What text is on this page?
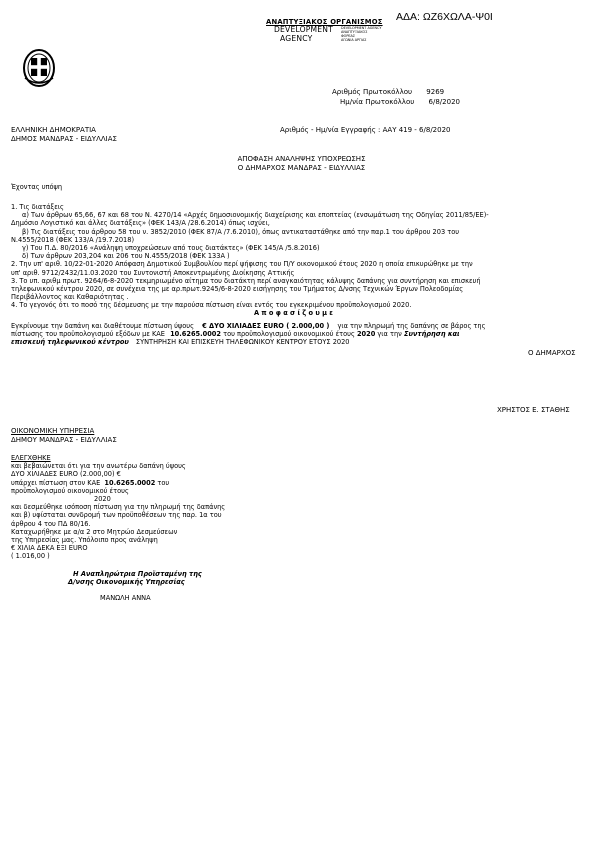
ΑΔΑ: ΩΖ6ΧΩΛΑ-Ψ0Ι
ΑΝΑΠΤΥΞΙΑΚΟΣ ΟΡΓΑΝΙΣΜΟΣ
DEVELOPMENT
AGENCY
DEVELOPMENT AGENCY
ΑΝΑΠΤΥΞΙΑΚΟΣ
ΦΟΡΕΑΣ
ΑΓΩΝΙΑ ΑΡΓΙΑΣ
Αριθμός Πρωτοκόλλου 9269
Ημ/νία Πρωτοκόλλου 6/8/2020
ΕΛΛΗΝΙΚΗ ΔΗΜΟΚΡΑΤΙΑ
ΔΗΜΟΣ ΜΑΝΔΡΑΣ - ΕΙΔΥΛΛΙΑΣ
Αριθμός - Ημ/νία Εγγραφής : ΑΑΥ 419 - 6/8/2020
ΑΠΟΦΑΣΗ ΑΝΑΛΗΨΗΣ ΥΠΟΧΡΕΩΣΗΣ
Ο ΔΗΜΑΡΧΟΣ ΜΑΝΔΡΑΣ - ΕΙΔΥΛΛΙΑΣ
Έχοντας υπόψη

1. Τις διατάξεις

α) Των άρθρων 65,66, 67 και 68 του Ν. 4270/14 «Αρχές δημοσιονομικής διαχείρισης και εποπτείας (ενσωμάτωση της Οδηγίας 2011/85/ΕΕ)-

Δημόσιο Λογιστικό και άλλες διατάξεις» (ΦΕΚ 143/Α /28.6.2014) όπως ισχύει,

β) Τις διατάξεις του άρθρου 58 του ν. 3852/2010 (ΦΕΚ 87/Α /7.6.2010), όπως αντικαταστάθηκε από την παρ.1 του άρθρου 203 του

Ν.4555/2018 (ΦΕΚ 133/Α /19.7.2018)

γ) Του Π.Δ. 80/2016 «Ανάληψη υποχρεώσεων από τους διατάκτες» (ΦΕΚ 145/Α /5.8.2016)

δ) Των άρθρων 203,204 και 206 του Ν.4555/2018 (ΦΕΚ 133Α )

2. Την υπ' αριθ. 10/22-01-2020 Απόφαση Δημοτικού Συμβουλίου περί ψήφισης του Π/Υ οικονομικού έτους 2020 η οποία επικυρώθηκε με την

υπ' αριθ. 9712/2432/11.03.2020 του Συντονιστή Αποκεντρωμένης Διοίκησης Αττικής

3. Το υπ. αριθμ πρωτ. 9264/6-8-2020 τεκμηριωμένο αίτημα του διατάκτη περί αναγκαιότητας κάλυψης δαπάνης για συντήρηση και επισκευή

τηλεφωνικού κέντρου 2020, σε συνέχεια της με αρ.πρωτ.9245/6-8-2020 εισήγησης του Τμήματος Δ/νσης Τεχνικών Έργων Πολεοδομίας

Περιβάλλοντος και Καθαριότητας .

4. Το γεγονός ότι το ποσό της δέσμευσης με την παρούσα πίστωση είναι εντός του εγκεκριμένου προϋπολογισμού 2020.

Α π ο φ α σ ί ζ ο υ μ ε

Εγκρίνουμε την δαπάνη και διαθέτουμε πίστωση ύψους € ΔΥΟ ΧΙΛΙΑΔΕΣ EURO ( 2.000,00 ) για την πληρωμή της δαπάνης σε βάρος της

πίστωσης του προϋπολογισμού εξόδων με ΚΑΕ 10.6265.0002 του προϋπολογισμού οικονομικού έτους 2020 για την Συντήρηση και

επισκευή τηλεφωνικού κέντρου ΣΥΝΤΗΡΗΣΗ ΚΑΙ ΕΠΙΣΚΕΥΗ ΤΗΛΕΦΩΝΙΚΟΥ ΚΕΝΤΡΟΥ ΕΤΟΥΣ 2020

Ο ΔΗΜΑΡΧΟΣ
ΧΡΗΣΤΟΣ Ε. ΣΤΑΘΗΣ

ΟΙΚΟΝΟΜΙΚΗ ΥΠΗΡΕΣΙΑ

ΔΗΜΟΥ ΜΑΝΔΡΑΣ - ΕΙΔΥΛΛΙΑΣ

ΕΛΕΓΧΘΗΚΕ

και βεβαιώνεται ότι για την ανωτέρω δαπάνη ύψους

ΔΥΟ ΧΙΛΙΑΔΕΣ EURO (2.000,00) €

υπάρχει πίστωση στον ΚΑΕ 10.6265.0002 του

προϋπολογισμού οικονομικού έτους

2020

και δεσμεύθηκε ισόποση πίστωση για την πληρωμή της δαπάνης

και β) υφίσταται συνδρομή των προϋποθέσεων της παρ. 1α του

άρθρου 4 του ΠΔ 80/16.

Καταχωρήθηκε με α/α 2 στο Μητρώο Δεσμεύσεων

της Υπηρεσίας μας. Υπόλοιπο προς ανάληψη

€ ΧΙΛΙΑ ΔΕΚΑ ΕΞΙ EURO

( 1.016,00 )

Η Αναπληρώτρια Προϊσταμένη της

Δ/νσης Οικονομικής Υπηρεσίας

ΜΑΝΩΛΗ ΑΝΝΑ
